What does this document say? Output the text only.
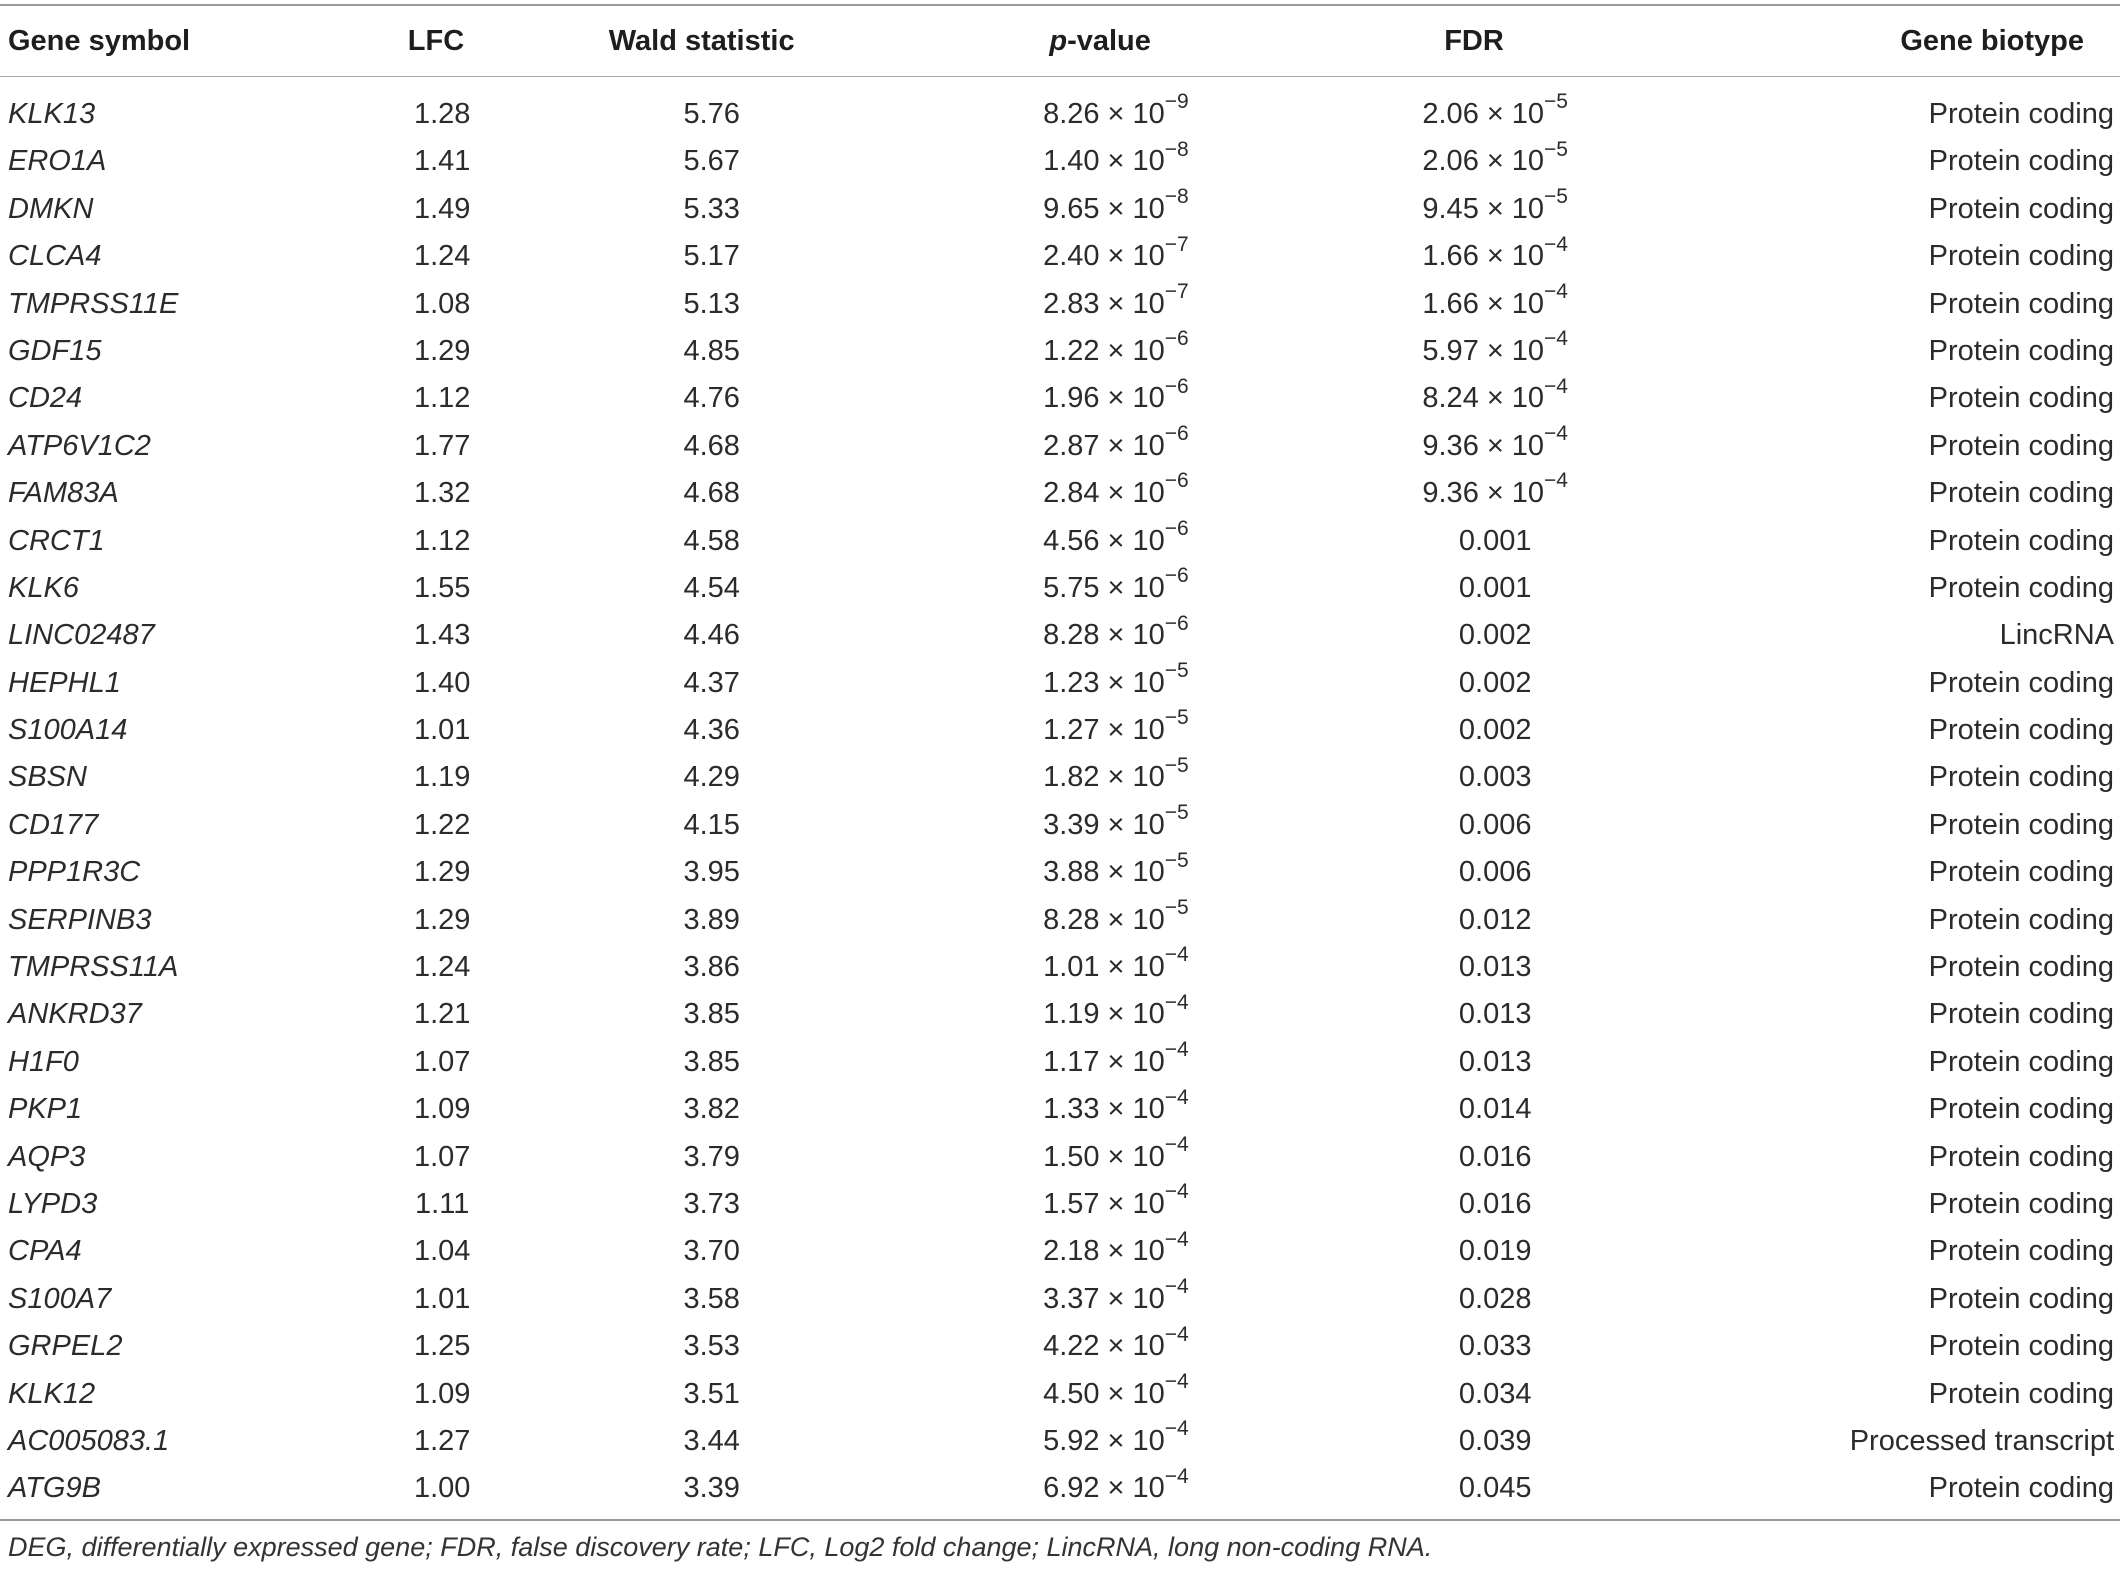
Gene symbol	LFC	Wald statistic	p-value	FDR	Gene biotype
KLK13	1.28	5.76	$8.26 \times 10^{-9}$	$2.06 \times 10^{-5}$	Protein coding
ERO1A	1.41	5.67	$1.40 \times 10^{-8}$	$2.06 \times 10^{-5}$	Protein coding
DMKN	1.49	5.33	$9.65 \times 10^{-8}$	$9.45 \times 10^{-5}$	Protein coding
CLCA4	1.24	5.17	$2.40 \times 10^{-7}$	$1.66 \times 10^{-4}$	Protein coding
TMPRSS11E	1.08	5.13	$2.83 \times 10^{-7}$	$1.66 \times 10^{-4}$	Protein coding
GDF15	1.29	4.85	$1.22 \times 10^{-6}$	$5.97 \times 10^{-4}$	Protein coding
CD24	1.12	4.76	$1.96 \times 10^{-6}$	$8.24 \times 10^{-4}$	Protein coding
ATP6V1C2	1.77	4.68	$2.87 \times 10^{-6}$	$9.36 \times 10^{-4}$	Protein coding
FAM83A	1.32	4.68	$2.84 \times 10^{-6}$	$9.36 \times 10^{-4}$	Protein coding
CRCT1	1.12	4.58	$4.56 \times 10^{-6}$	0.001	Protein coding
KLK6	1.55	4.54	$5.75 \times 10^{-6}$	0.001	Protein coding
LINC02487	1.43	4.46	$8.28 \times 10^{-6}$	0.002	LincRNA
HEPHL1	1.40	4.37	$1.23 \times 10^{-5}$	0.002	Protein coding
S100A14	1.01	4.36	$1.27 \times 10^{-5}$	0.002	Protein coding
SBSN	1.19	4.29	$1.82 \times 10^{-5}$	0.003	Protein coding
CD177	1.22	4.15	$3.39 \times 10^{-5}$	0.006	Protein coding
PPP1R3C	1.29	3.95	$3.88 \times 10^{-5}$	0.006	Protein coding
SERPINB3	1.29	3.89	$8.28 \times 10^{-5}$	0.012	Protein coding
TMPRSS11A	1.24	3.86	$1.01 \times 10^{-4}$	0.013	Protein coding
ANKRD37	1.21	3.85	$1.19 \times 10^{-4}$	0.013	Protein coding
H1F0	1.07	3.85	$1.17 \times 10^{-4}$	0.013	Protein coding
PKP1	1.09	3.82	$1.33 \times 10^{-4}$	0.014	Protein coding
AQP3	1.07	3.79	$1.50 \times 10^{-4}$	0.016	Protein coding
LYPD3	1.11	3.73	$1.57 \times 10^{-4}$	0.016	Protein coding
CPA4	1.04	3.70	$2.18 \times 10^{-4}$	0.019	Protein coding
S100A7	1.01	3.58	$3.37 \times 10^{-4}$	0.028	Protein coding
GRPEL2	1.25	3.53	$4.22 \times 10^{-4}$	0.033	Protein coding
KLK12	1.09	3.51	$4.50 \times 10^{-4}$	0.034	Protein coding
AC005083.1	1.27	3.44	$5.92 \times 10^{-4}$	0.039	Processed transcript
ATG9B	1.00	3.39	$6.92 \times 10^{-4}$	0.045	Protein coding
DEG, differentially expressed gene; FDR, false discovery rate; LFC, Log2 fold change; LincRNA, long non-coding RNA.
